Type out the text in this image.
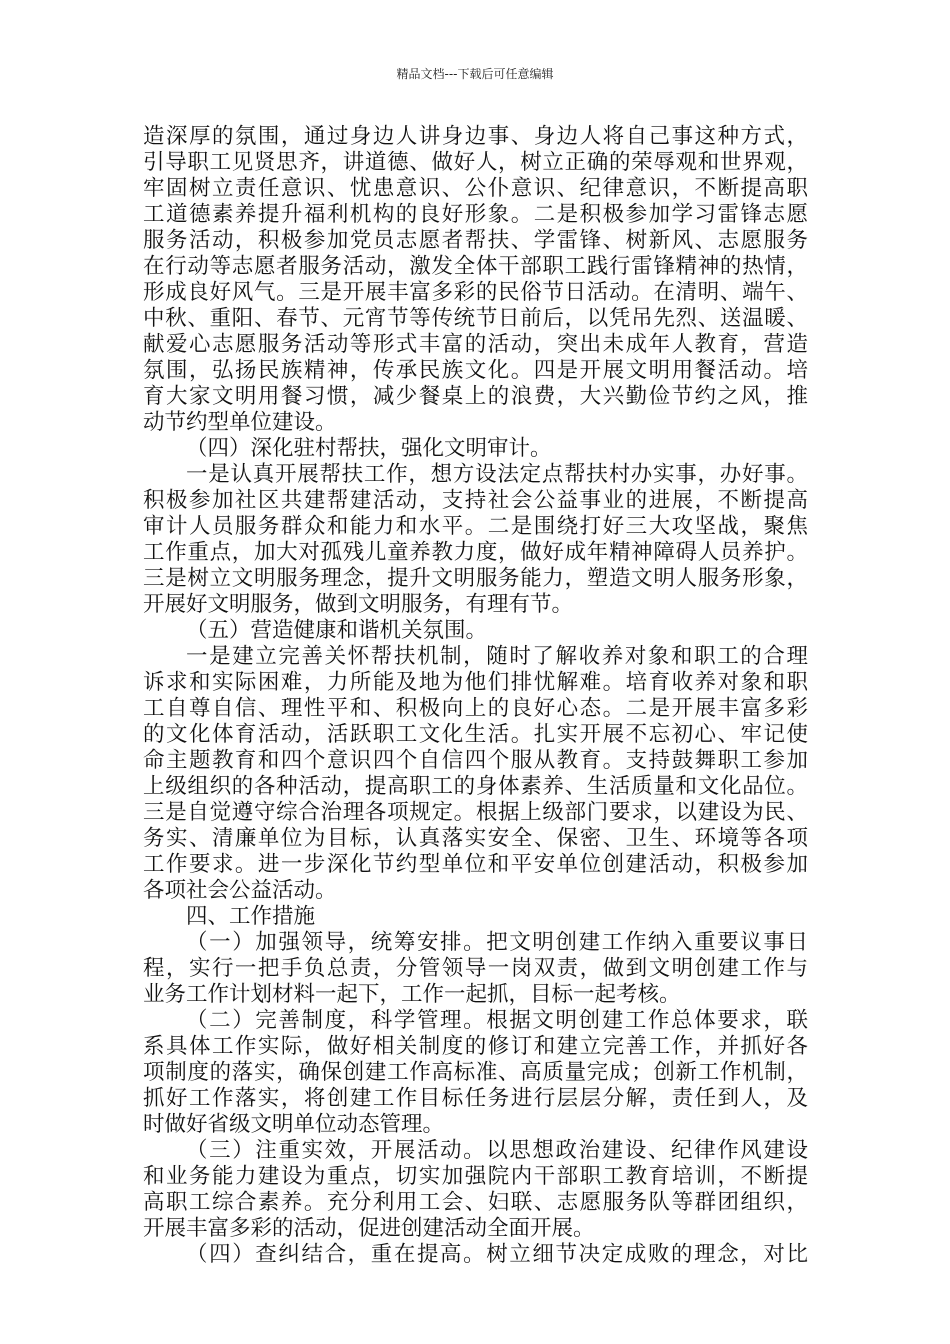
精品文档---下载后可任意编辑
造深厚的氛围，通过身边人讲身边事、身边人将自己事这种方式，
引导职工见贤思齐，讲道德、做好人，树立正确的荣辱观和世界观，
牢固树立责任意识、忧患意识、公仆意识、纪律意识，不断提高职
工道德素养提升福利机构的良好形象。二是积极参加学习雷锋志愿
服务活动，积极参加党员志愿者帮扶、学雷锋、树新风、志愿服务
在行动等志愿者服务活动，激发全体干部职工践行雷锋精神的热情，
形成良好风气。三是开展丰富多彩的民俗节日活动。在清明、端午、
中秋、重阳、春节、元宵节等传统节日前后，以凭吊先烈、送温暖、
献爱心志愿服务活动等形式丰富的活动，突出未成年人教育，营造
氛围，弘扬民族精神，传承民族文化。四是开展文明用餐活动。培
育大家文明用餐习惯，减少餐桌上的浪费，大兴勤俭节约之风，推
动节约型单位建设。
（四）深化驻村帮扶，强化文明审计。
一是认真开展帮扶工作，想方设法定点帮扶村办实事，办好事。
积极参加社区共建帮建活动，支持社会公益事业的进展，不断提高
审计人员服务群众和能力和水平。二是围绕打好三大攻坚战，聚焦
工作重点，加大对孤残儿童养教力度，做好成年精神障碍人员养护。
三是树立文明服务理念，提升文明服务能力，塑造文明人服务形象，
开展好文明服务，做到文明服务，有理有节。
（五）营造健康和谐机关氛围。
一是建立完善关怀帮扶机制，随时了解收养对象和职工的合理
诉求和实际困难，力所能及地为他们排忧解难。培育收养对象和职
工自尊自信、理性平和、积极向上的良好心态。二是开展丰富多彩
的文化体育活动，活跃职工文化生活。扎实开展不忘初心、牢记使
命主题教育和四个意识四个自信四个服从教育。支持鼓舞职工参加
上级组织的各种活动，提高职工的身体素养、生活质量和文化品位。
三是自觉遵守综合治理各项规定。根据上级部门要求，以建设为民、
务实、清廉单位为目标，认真落实安全、保密、卫生、环境等各项
工作要求。进一步深化节约型单位和平安单位创建活动，积极参加
各项社会公益活动。
四、工作措施
（一）加强领导，统筹安排。把文明创建工作纳入重要议事日
程，实行一把手负总责，分管领导一岗双责，做到文明创建工作与
业务工作计划材料一起下，工作一起抓，目标一起考核。
（二）完善制度，科学管理。根据文明创建工作总体要求，联
系具体工作实际，做好相关制度的修订和建立完善工作，并抓好各
项制度的落实，确保创建工作高标准、高质量完成；创新工作机制，
抓好工作落实，将创建工作目标任务进行层层分解，责任到人，及
时做好省级文明单位动态管理。
（三）注重实效，开展活动。以思想政治建设、纪律作风建设
和业务能力建设为重点，切实加强院内干部职工教育培训，不断提
高职工综合素养。充分利用工会、妇联、志愿服务队等群团组织，
开展丰富多彩的活动，促进创建活动全面开展。
（四）查纠结合，重在提高。树立细节决定成败的理念，对比
